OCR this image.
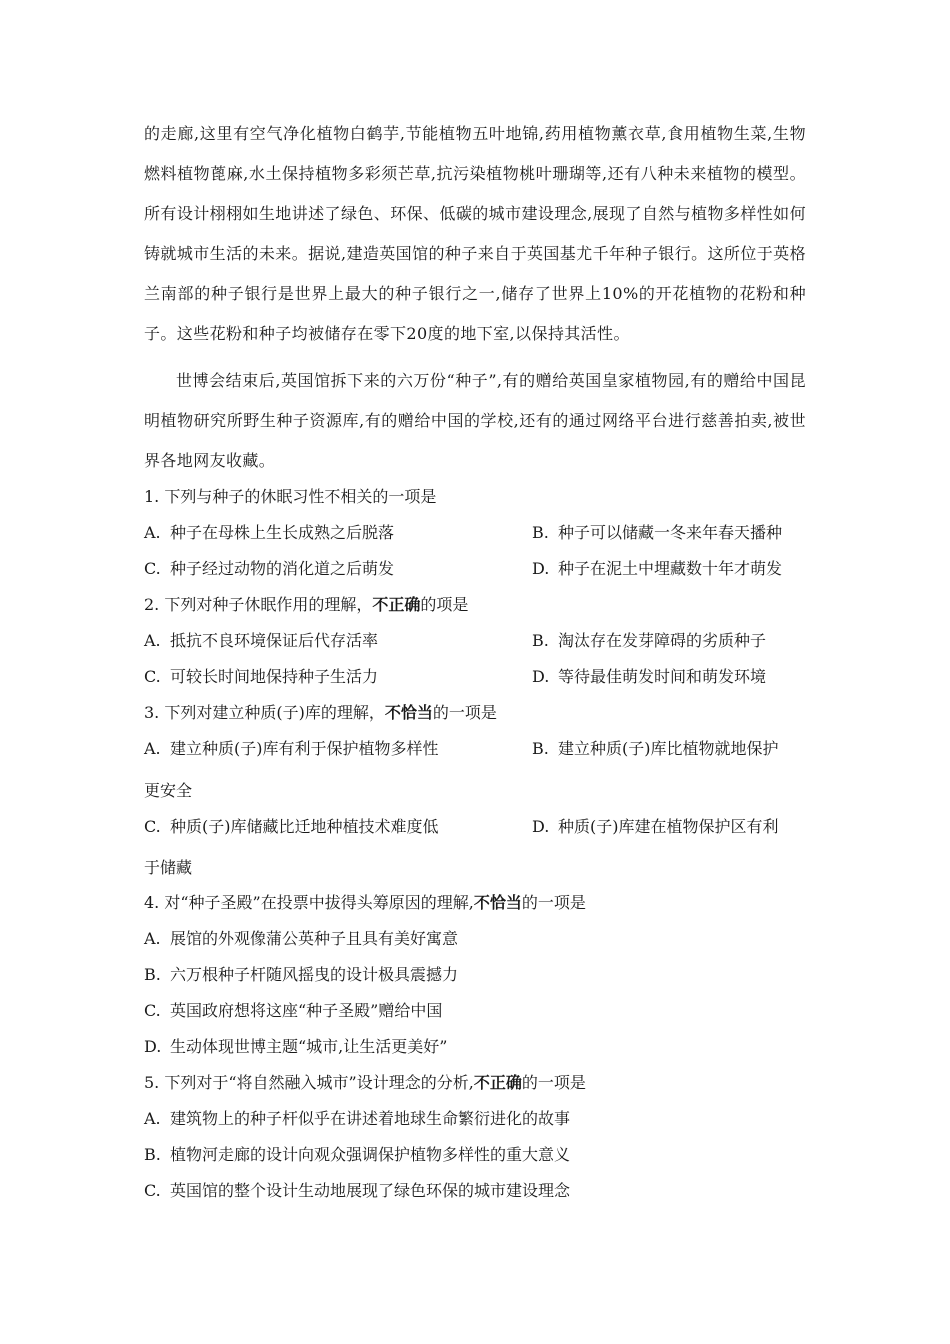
的走廊,这里有空气净化植物白鹤芋,节能植物五叶地锦,药用植物薰衣草,食用植物生菜,生物燃料植物蓖麻,水土保持植物多彩须芒草,抗污染植物桃叶珊瑚等,还有八种未来植物的模型。所有设计栩栩如生地讲述了绿色、环保、低碳的城市建设理念,展现了自然与植物多样性如何铸就城市生活的未来。据说,建造英国馆的种子来自于英国基尤千年种子银行。这所位于英格兰南部的种子银行是世界上最大的种子银行之一,储存了世界上10%的开花植物的花粉和种子。这些花粉和种子均被储存在零下20度的地下室,以保持其活性。

世博会结束后,英国馆拆下来的六万份“种子”,有的赠给英国皇家植物园,有的赠给中国昆明植物研究所野生种子资源库,有的赠给中国的学校,还有的通过网络平台进行慈善拍卖,被世界各地网友收藏。

1. 下列与种子的休眠习性不相关的一项是
A. 种子在母株上生长成熟之后脱落	B. 种子可以储藏一冬来年春天播种
C. 种子经过动物的消化道之后萌发	D. 种子在泥土中埋藏数十年才萌发
2. 下列对种子休眠作用的理解，不正确的项是
A. 抵抗不良环境保证后代存活率	B. 淘汰存在发芽障碍的劣质种子
C. 可较长时间地保持种子生活力	D. 等待最佳萌发时间和萌发环境
3. 下列对建立种质(子)库的理解，不恰当的一项是
A. 建立种质(子)库有利于保护植物多样性	B. 建立种质(子)库比植物就地保护
更安全
C. 种质(子)库储藏比迁地种植技术难度低	D. 种质(子)库建在植物保护区有利
于储藏
4. 对“种子圣殿”在投票中拔得头筹原因的理解,不恰当的一项是
A. 展馆的外观像蒲公英种子且具有美好寓意
B. 六万根种子杆随风摇曳的设计极具震撼力
C. 英国政府想将这座“种子圣殿”赠给中国
D. 生动体现世博主题“城市,让生活更美好”
5. 下列对于“将自然融入城市”设计理念的分析,不正确的一项是
A. 建筑物上的种子杆似乎在讲述着地球生命繁衍进化的故事
B. 植物河走廊的设计向观众强调保护植物多样性的重大意义
C. 英国馆的整个设计生动地展现了绿色环保的城市建设理念
